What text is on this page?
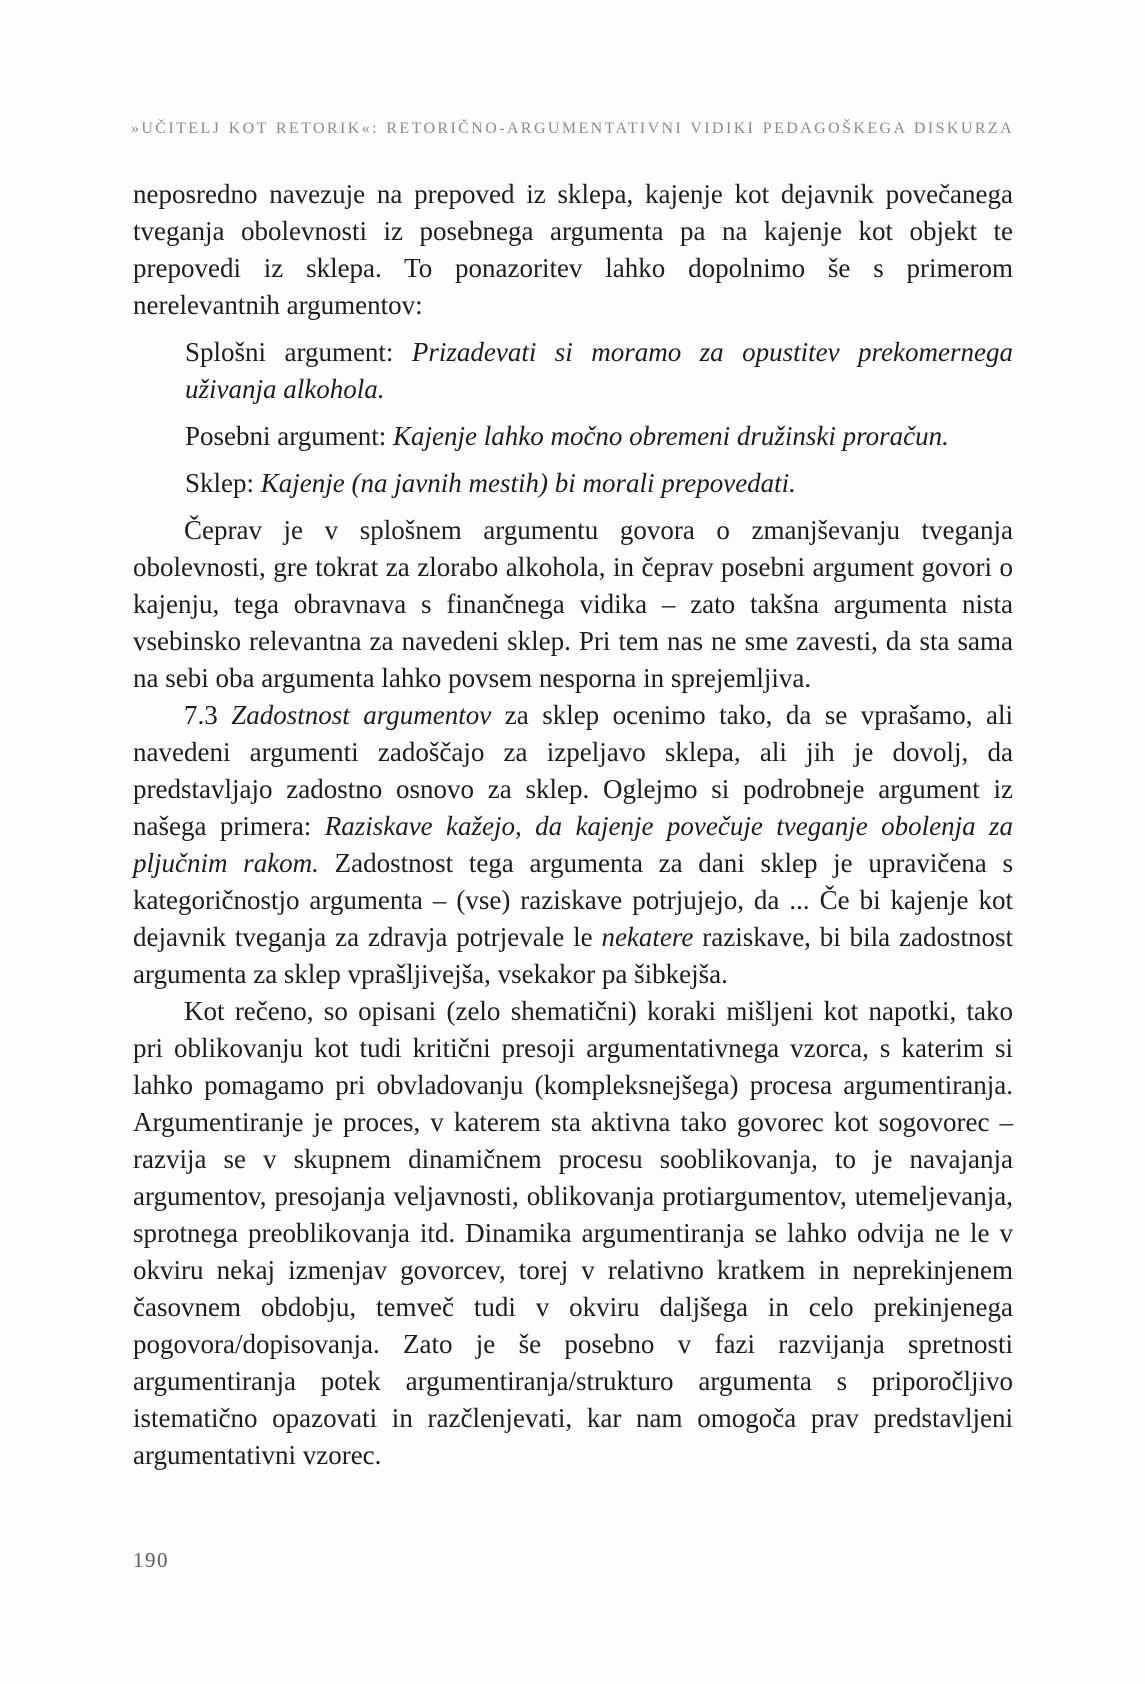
»UČITELJ KOT RETORIK«: RETORIČNO-ARGUMENTATIVNI VIDIKI PEDAGOŠKEGA DISKURZA

neposredno navezuje na prepoved iz sklepa, kajenje kot dejavnik povečanega tveganja obolevnosti iz posebnega argumenta pa na kajenje kot objekt te prepovedi iz sklepa. To ponazoritev lahko dopolnimo še s primerom nerelevantnih argumentov:

Splošni argument: Prizadevati si moramo za opustitev prekomernega uživanja alkohola.

Posebni argument: Kajenje lahko močno obremeni družinski proračun.

Sklep: Kajenje (na javnih mestih) bi morali prepovedati.

Čeprav je v splošnem argumentu govora o zmanjševanju tveganja obolevnosti, gre tokrat za zlorabo alkohola, in čeprav posebni argument govori o kajenju, tega obravnava s finančnega vidika – zato takšna argumenta nista vsebinsko relevantna za navedeni sklep. Pri tem nas ne sme zavesti, da sta sama na sebi oba argumenta lahko povsem nesporna in sprejemljiva.

7.3 Zadostnost argumentov za sklep ocenimo tako, da se vprašamo, ali navedeni argumenti zadoščajo za izpeljavo sklepa, ali jih je dovolj, da predstavljajo zadostno osnovo za sklep. Oglejmo si podrobneje argument iz našega primera: Raziskave kažejo, da kajenje povečuje tveganje obolenja za pljučnim rakom. Zadostnost tega argumenta za dani sklep je upravičena s kategoričnostjo argumenta – (vse) raziskave potrjujejo, da ... Če bi kajenje kot dejavnik tveganja za zdravja potrjevale le nekatere raziskave, bi bila zadostnost argumenta za sklep vprašljivejša, vsekakor pa šibkejša.

Kot rečeno, so opisani (zelo shematični) koraki mišljeni kot napotki, tako pri oblikovanju kot tudi kritični presoji argumentativnega vzorca, s katerim si lahko pomagamo pri obvladovanju (kompleksnejšega) procesa argumentiranja. Argumentiranje je proces, v katerem sta aktivna tako govorec kot sogovorec – razvija se v skupnem dinamičnem procesu sooblikovanja, to je navajanja argumentov, presojanja veljavnosti, oblikovanja protiargumentov, utemeljevanja, sprotnega preoblikovanja itd. Dinamika argumentiranja se lahko odvija ne le v okviru nekaj izmenjav govorcev, torej v relativno kratkem in neprekinjenem časovnem obdobju, temveč tudi v okviru daljšega in celo prekinjenega pogovora/dopisovanja. Zato je še posebno v fazi razvijanja spretnosti argumentiranja potek argumentiranja/strukturo argumenta s priporočljivo istematično opazovati in razčlenjevati, kar nam omogoča prav predstavljeni argumentativni vzorec.

190
